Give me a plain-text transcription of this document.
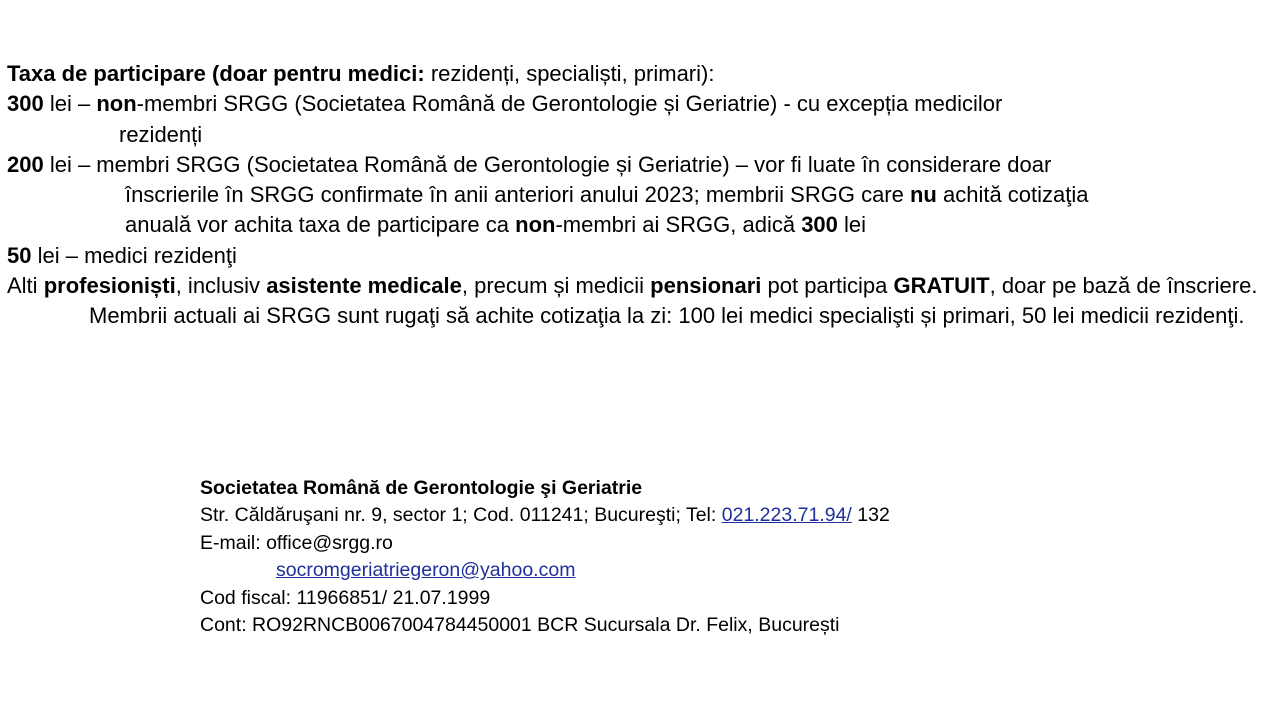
Taxa de participare (doar pentru medici: rezidenți, specialiști, primari):

300 lei – non-membri SRGG (Societatea Română de Gerontologie și Geriatrie) - cu excepția medicilor

rezidenți

200 lei – membri SRGG (Societatea Română de Gerontologie și Geriatrie) – vor fi luate în considerare doar

înscrierile în SRGG confirmate în anii anteriori anului 2023; membrii SRGG care nu achită cotizaţia

anuală vor achita taxa de participare ca non-membri ai SRGG, adică 300 lei

50 lei – medici rezidenţi

Alti profesioniști, inclusiv asistente medicale, precum și medicii pensionari pot participa GRATUIT, doar pe bază de înscriere.

Membrii actuali ai SRGG sunt rugaţi să achite cotizaţia la zi: 100 lei medici specialişti și primari, 50 lei medicii rezidenţi.

Societatea Română de Gerontologie şi Geriatrie

Str. Căldăruşani nr. 9, sector 1; Cod. 011241; Bucureşti; Tel: 021.223.71.94/ 132

E-mail: office@srgg.ro

socromgeriatriegeron@yahoo.com

Cod fiscal: 11966851/ 21.07.1999

Cont: RO92RNCB0067004784450001 BCR Sucursala Dr. Felix, București
